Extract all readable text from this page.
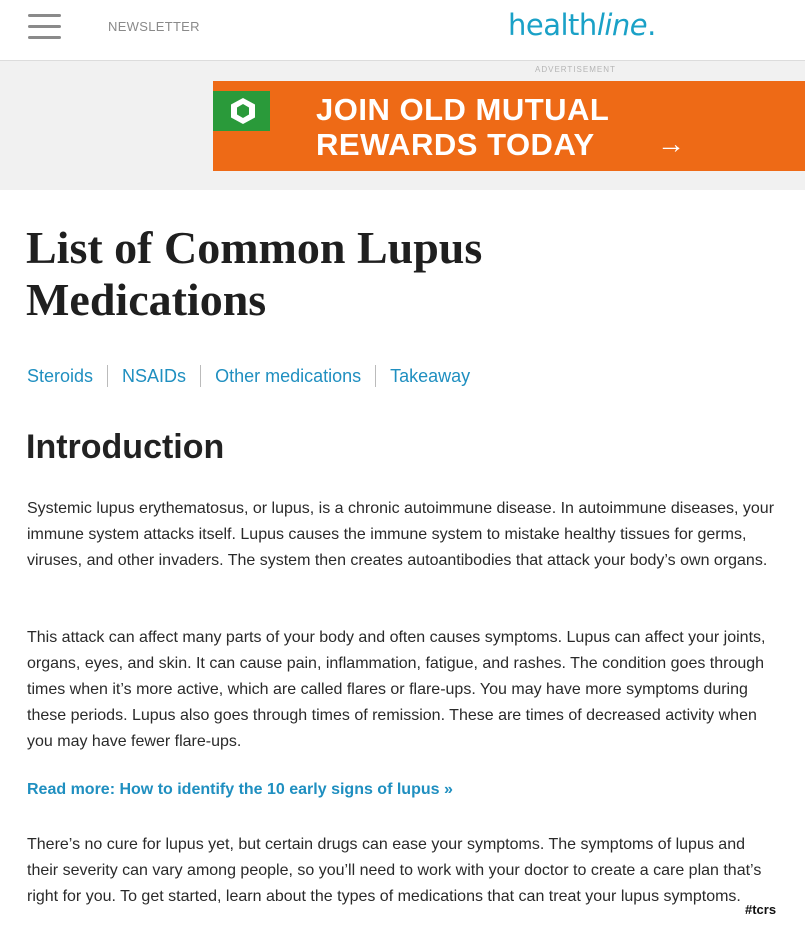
NEWSLETTER	healthline.
ADVERTISEMENT
JOIN OLD MUTUAL
REWARDS TODAY	→
List of Common Lupus Medications
Steroids NSAIDs Other medications Takeaway
Introduction

Systemic lupus erythematosus, or lupus, is a chronic autoimmune disease. In autoimmune diseases, your immune system attacks itself. Lupus causes the immune system to mistake healthy tissues for germs, viruses, and other invaders. The system then creates autoantibodies that attack your body’s own organs.

This attack can affect many parts of your body and often causes symptoms. Lupus can affect your joints, organs, eyes, and skin. It can cause pain, inflammation, fatigue, and rashes. The condition goes through times when it’s more active, which are called flares or flare-ups. You may have more symptoms during these periods. Lupus also goes through times of remission. These are times of decreased activity when you may have fewer flare-ups.

Read more: How to identify the 10 early signs of lupus »

There’s no cure for lupus yet, but certain drugs can ease your symptoms. The symptoms of lupus and their severity can vary among people, so you’ll need to work with your doctor to create a care plan that’s right for you. To get started, learn about the types of medications that can treat your lupus symptoms.

#tcrs
